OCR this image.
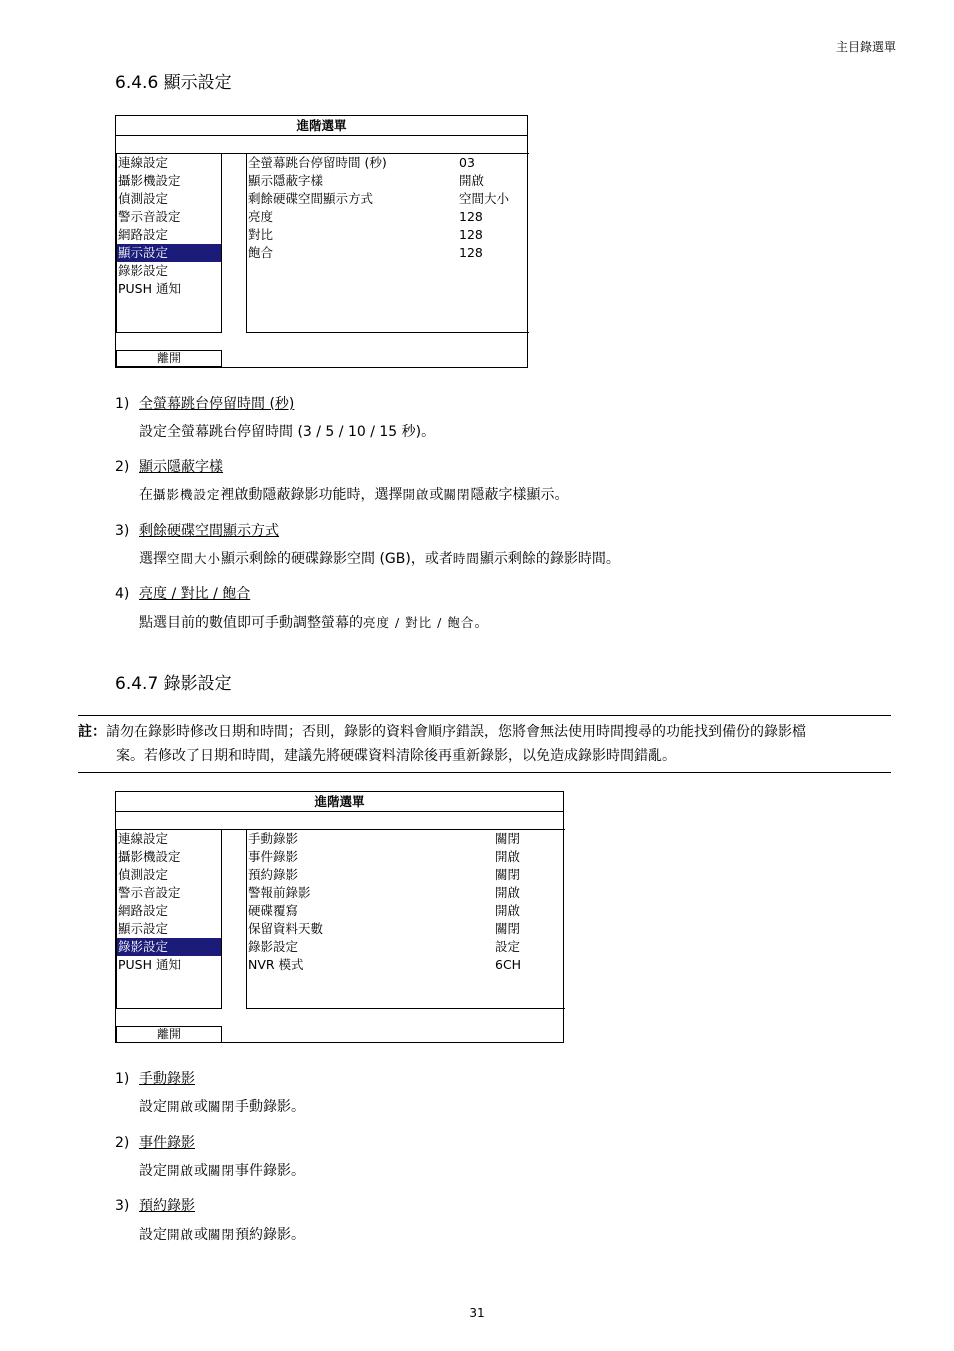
主目錄選單
6.4.6 顯示設定
進階選單
連線設定
攝影機設定
偵測設定
警示音設定
網路設定
顯示設定
錄影設定
PUSH 通知
全螢幕跳台停留時間 (秒)	03
顯示隱蔽字樣	開啟
剩餘硬碟空間顯示方式	空間大小
亮度	128
對比	128
飽合	128
離開
1) 全螢幕跳台停留時間 (秒)
設定全螢幕跳台停留時間 (3 / 5 / 10 / 15 秒)。
2) 顯示隱蔽字樣
在攝影機設定裡啟動隱蔽錄影功能時，選擇開啟或關閉隱蔽字樣顯示。
3) 剩餘硬碟空間顯示方式
選擇空間大小顯示剩餘的硬碟錄影空間 (GB)，或者時間顯示剩餘的錄影時間。
4) 亮度 / 對比 / 飽合
點選目前的數值即可手動調整螢幕的亮度 / 對比 / 飽合。
6.4.7 錄影設定
註：請勿在錄影時修改日期和時間；否則，錄影的資料會順序錯誤，您將會無法使用時間搜尋的功能找到備份的錄影檔
案。若修改了日期和時間，建議先將硬碟資料清除後再重新錄影，以免造成錄影時間錯亂。
進階選單
連線設定
攝影機設定
偵測設定
警示音設定
網路設定
顯示設定
錄影設定
PUSH 通知
手動錄影	關閉
事件錄影	開啟
預約錄影	關閉
警報前錄影	開啟
硬碟覆寫	開啟
保留資料天數	關閉
錄影設定	設定
NVR 模式	6CH
離開
1) 手動錄影
設定開啟或關閉手動錄影。
2) 事件錄影
設定開啟或關閉事件錄影。
3) 預約錄影
設定開啟或關閉預約錄影。
31
